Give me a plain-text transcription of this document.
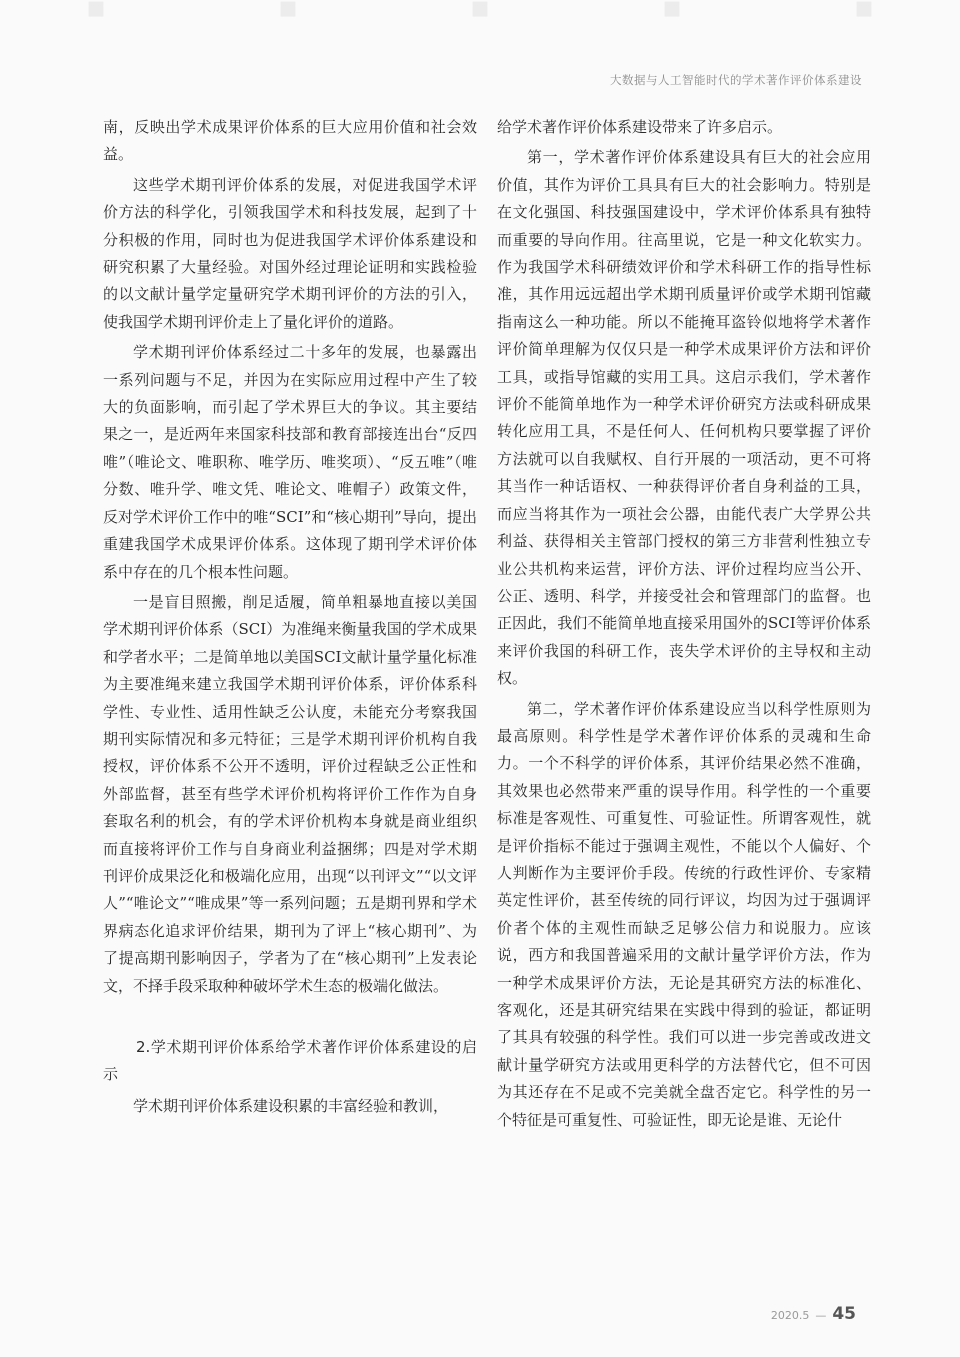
▪	▪	▪	▪	▪
大数据与人工智能时代的学术著作评价体系建设

南，反映出学术成果评价体系的巨大应用价值和社会效益。

这些学术期刊评价体系的发展，对促进我国学术评价方法的科学化，引领我国学术和科技发展，起到了十分积极的作用，同时也为促进我国学术评价体系建设和研究积累了大量经验。对国外经过理论证明和实践检验的以文献计量学定量研究学术期刊评价的方法的引入，使我国学术期刊评价走上了量化评价的道路。

学术期刊评价体系经过二十多年的发展，也暴露出一系列问题与不足，并因为在实际应用过程中产生了较大的负面影响，而引起了学术界巨大的争议。其主要结果之一，是近两年来国家科技部和教育部接连出台“反四唯”（唯论文、唯职称、唯学历、唯奖项）、“反五唯”（唯分数、唯升学、唯文凭、唯论文、唯帽子）政策文件，反对学术评价工作中的唯“SCI”和“核心期刊”导向，提出重建我国学术成果评价体系。这体现了期刊学术评价体系中存在的几个根本性问题。

一是盲目照搬，削足适履，简单粗暴地直接以美国学术期刊评价体系（SCI）为准绳来衡量我国的学术成果和学者水平；二是简单地以美国SCI文献计量学量化标准为主要准绳来建立我国学术期刊评价体系，评价体系科学性、专业性、适用性缺乏公认度，未能充分考察我国期刊实际情况和多元特征；三是学术期刊评价机构自我授权，评价体系不公开不透明，评价过程缺乏公正性和外部监督，甚至有些学术评价机构将评价工作作为自身套取名利的机会，有的学术评价机构本身就是商业组织而直接将评价工作与自身商业利益捆绑；四是对学术期刊评价成果泛化和极端化应用，出现“以刊评文”“以文评人”“唯论文”“唯成果”等一系列问题；五是期刊界和学术界病态化追求评价结果，期刊为了评上“核心期刊”、为了提高期刊影响因子，学者为了在“核心期刊”上发表论文，不择手段采取种种破坏学术生态的极端化做法。

2.学术期刊评价体系给学术著作评价体系建设的启示

学术期刊评价体系建设积累的丰富经验和教训，

给学术著作评价体系建设带来了许多启示。

第一，学术著作评价体系建设具有巨大的社会应用价值，其作为评价工具具有巨大的社会影响力。特别是在文化强国、科技强国建设中，学术评价体系具有独特而重要的导向作用。往高里说，它是一种文化软实力。作为我国学术科研绩效评价和学术科研工作的指导性标准，其作用远远超出学术期刊质量评价或学术期刊馆藏指南这么一种功能。所以不能掩耳盗铃似地将学术著作评价简单理解为仅仅只是一种学术成果评价方法和评价工具，或指导馆藏的实用工具。这启示我们，学术著作评价不能简单地作为一种学术评价研究方法或科研成果转化应用工具，不是任何人、任何机构只要掌握了评价方法就可以自我赋权、自行开展的一项活动，更不可将其当作一种话语权、一种获得评价者自身利益的工具，而应当将其作为一项社会公器，由能代表广大学界公共利益、获得相关主管部门授权的第三方非营利性独立专业公共机构来运营，评价方法、评价过程均应当公开、公正、透明、科学，并接受社会和管理部门的监督。也正因此，我们不能简单地直接采用国外的SCI等评价体系来评价我国的科研工作，丧失学术评价的主导权和主动权。

第二，学术著作评价体系建设应当以科学性原则为最高原则。科学性是学术著作评价体系的灵魂和生命力。一个不科学的评价体系，其评价结果必然不准确，其效果也必然带来严重的误导作用。科学性的一个重要标准是客观性、可重复性、可验证性。所谓客观性，就是评价指标不能过于强调主观性，不能以个人偏好、个人判断作为主要评价手段。传统的行政性评价、专家精英定性评价，甚至传统的同行评议，均因为过于强调评价者个体的主观性而缺乏足够公信力和说服力。应该说，西方和我国普遍采用的文献计量学评价方法，作为一种学术成果评价方法，无论是其研究方法的标准化、客观化，还是其研究结果在实践中得到的验证，都证明了其具有较强的科学性。我们可以进一步完善或改进文献计量学研究方法或用更科学的方法替代它，但不可因为其还存在不足或不完美就全盘否定它。科学性的另一个特征是可重复性、可验证性，即无论是谁、无论什

2020.5 — 45
